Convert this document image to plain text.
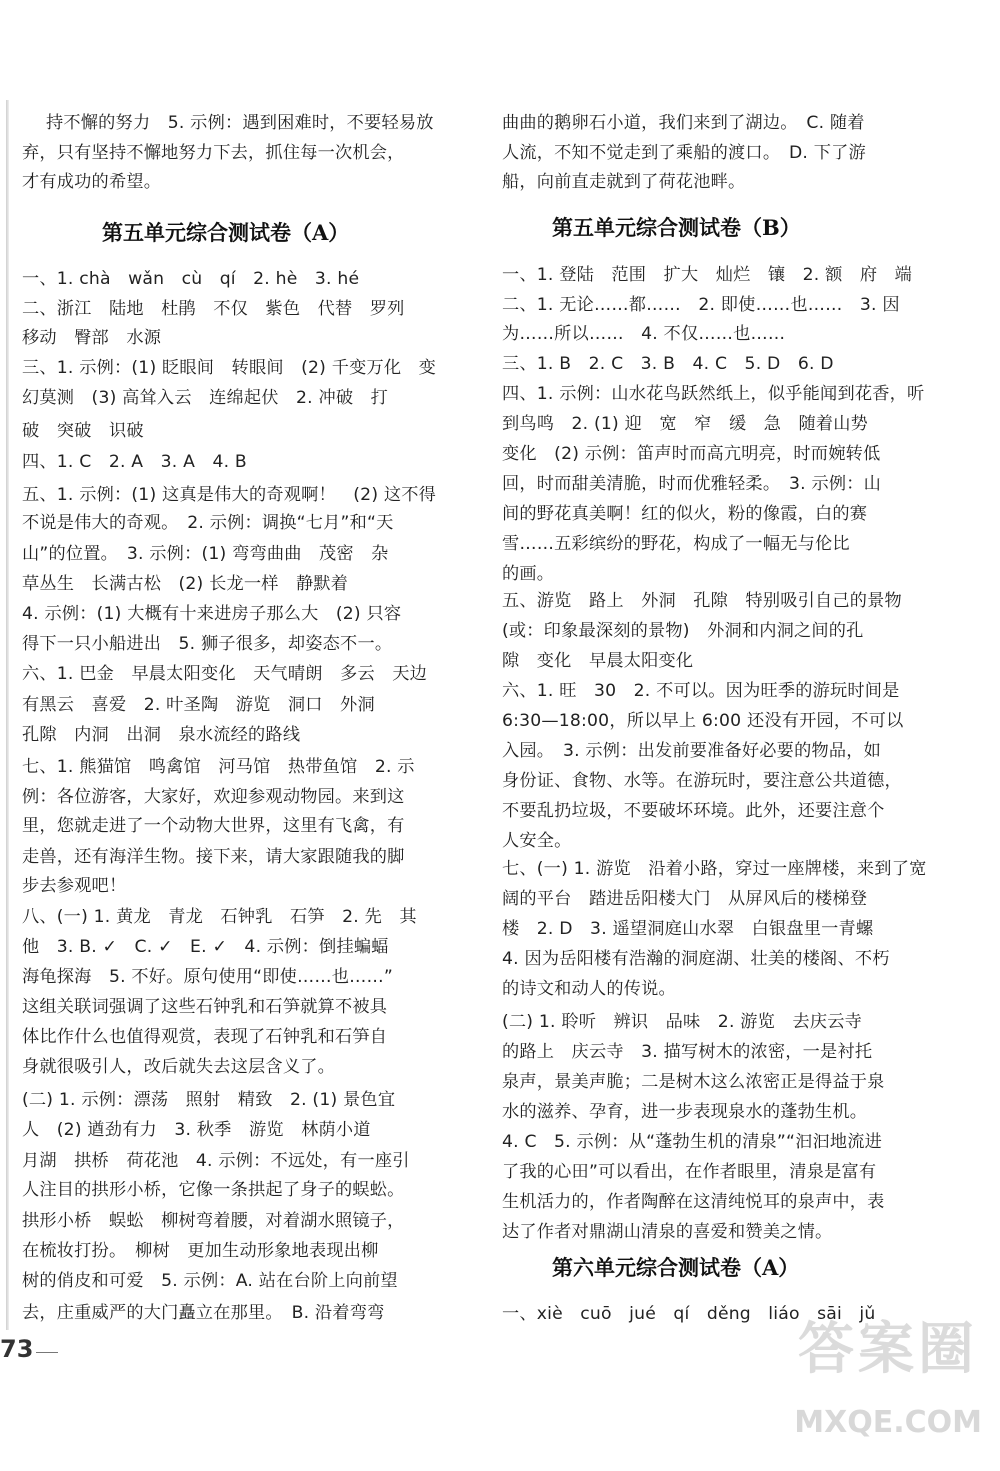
持不懈的努力　5. 示例：遇到困难时，不要轻易放
弃，只有坚持不懈地努力下去，抓住每一次机会，
才有成功的希望。
第五单元综合测试卷（A）
一、1. chà　wǎn　cù　qí　2. hè　3. hé
二、浙江　陆地　杜鹃　不仅　紫色　代替　罗列
移动　臀部　水源
三、1. 示例：(1) 眨眼间　转眼间　(2) 千变万化　变
幻莫测　(3) 高耸入云　连绵起伏　2. 冲破　打
破　突破　识破
四、1. C　2. A　3. A　4. B
五、1. 示例：(1) 这真是伟大的奇观啊！　(2) 这不得
不说是伟大的奇观。　2. 示例：调换“七月”和“天
山”的位置。　3. 示例：(1) 弯弯曲曲　茂密　杂
草丛生　长满古松　(2) 长龙一样　静默着
4. 示例：(1) 大概有十来进房子那么大　(2) 只容
得下一只小船进出　5. 狮子很多，却姿态不一。
六、1. 巴金　早晨太阳变化　天气晴朗　多云　天边
有黑云　喜爱　2. 叶圣陶　游览　洞口　外洞
孔隙　内洞　出洞　泉水流经的路线
七、1. 熊猫馆　鸣禽馆　河马馆　热带鱼馆　2. 示
例：各位游客，大家好，欢迎参观动物园。来到这
里，您就走进了一个动物大世界，这里有飞禽，有
走兽，还有海洋生物。接下来，请大家跟随我的脚
步去参观吧！
八、(一) 1. 黄龙　青龙　石钟乳　石笋　2. 先　其
他　3. B. ✓　C. ✓　E. ✓　4. 示例：倒挂蝙蝠
海龟探海　5. 不好。原句使用“即使……也……”
这组关联词强调了这些石钟乳和石笋就算不被具
体比作什么也值得观赏，表现了石钟乳和石笋自
身就很吸引人，改后就失去这层含义了。
(二) 1. 示例：漂荡　照射　精致　2. (1) 景色宜
人　(2) 遒劲有力　3. 秋季　游览　林荫小道
月湖　拱桥　荷花池　4. 示例：不远处，有一座引
人注目的拱形小桥，它像一条拱起了身子的蜈蚣。
拱形小桥　蜈蚣　柳树弯着腰，对着湖水照镜子，
在梳妆打扮。　柳树　更加生动形象地表现出柳
树的俏皮和可爱　5. 示例：A. 站在台阶上向前望
去，庄重威严的大门矗立在那里。　B. 沿着弯弯
73
曲曲的鹅卵石小道，我们来到了湖边。　C. 随着
人流，不知不觉走到了乘船的渡口。　D. 下了游
船，向前直走就到了荷花池畔。
第五单元综合测试卷（B）
一、1. 登陆　范围　扩大　灿烂　镶　2. 额　府　端
二、1. 无论……都……　2. 即使……也……　3. 因
为……所以……　4. 不仅……也……
三、1. B　2. C　3. B　4. C　5. D　6. D
四、1. 示例：山水花鸟跃然纸上，似乎能闻到花香，听
到鸟鸣　2. (1) 迎　宽　窄　缓　急　随着山势
变化　(2) 示例：笛声时而高亢明亮，时而婉转低
回，时而甜美清脆，时而优雅轻柔。　3. 示例：山
间的野花真美啊！红的似火，粉的像霞，白的赛
雪……五彩缤纷的野花，构成了一幅无与伦比
的画。
五、游览　路上　外洞　孔隙　特别吸引自己的景物
(或：印象最深刻的景物)　外洞和内洞之间的孔
隙　变化　早晨太阳变化
六、1. 旺　30　2. 不可以。因为旺季的游玩时间是
6:30—18:00，所以早上 6:00 还没有开园，不可以
入园。　3. 示例：出发前要准备好必要的物品，如
身份证、食物、水等。在游玩时，要注意公共道德，
不要乱扔垃圾，不要破坏环境。此外，还要注意个
人安全。
七、(一) 1. 游览　沿着小路，穿过一座牌楼，来到了宽
阔的平台　踏进岳阳楼大门　从屏风后的楼梯登
楼　2. D　3. 遥望洞庭山水翠　白银盘里一青螺
4. 因为岳阳楼有浩瀚的洞庭湖、壮美的楼阁、不朽
的诗文和动人的传说。
(二) 1. 聆听　辨识　品味　2. 游览　去庆云寺
的路上　庆云寺　3. 描写树木的浓密，一是衬托
泉声，景美声脆；二是树木这么浓密正是得益于泉
水的滋养、孕育，进一步表现泉水的蓬勃生机。
4. C　5. 示例：从“蓬勃生机的清泉”“汩汩地流进
了我的心田”可以看出，在作者眼里，清泉是富有
生机活力的，作者陶醉在这清纯悦耳的泉声中，表
达了作者对鼎湖山清泉的喜爱和赞美之情。
第六单元综合测试卷（A）
一、xiè　cuō　jué　qí　děng　liáo　sāi　jǔ
答案圈
MXQE.COM
